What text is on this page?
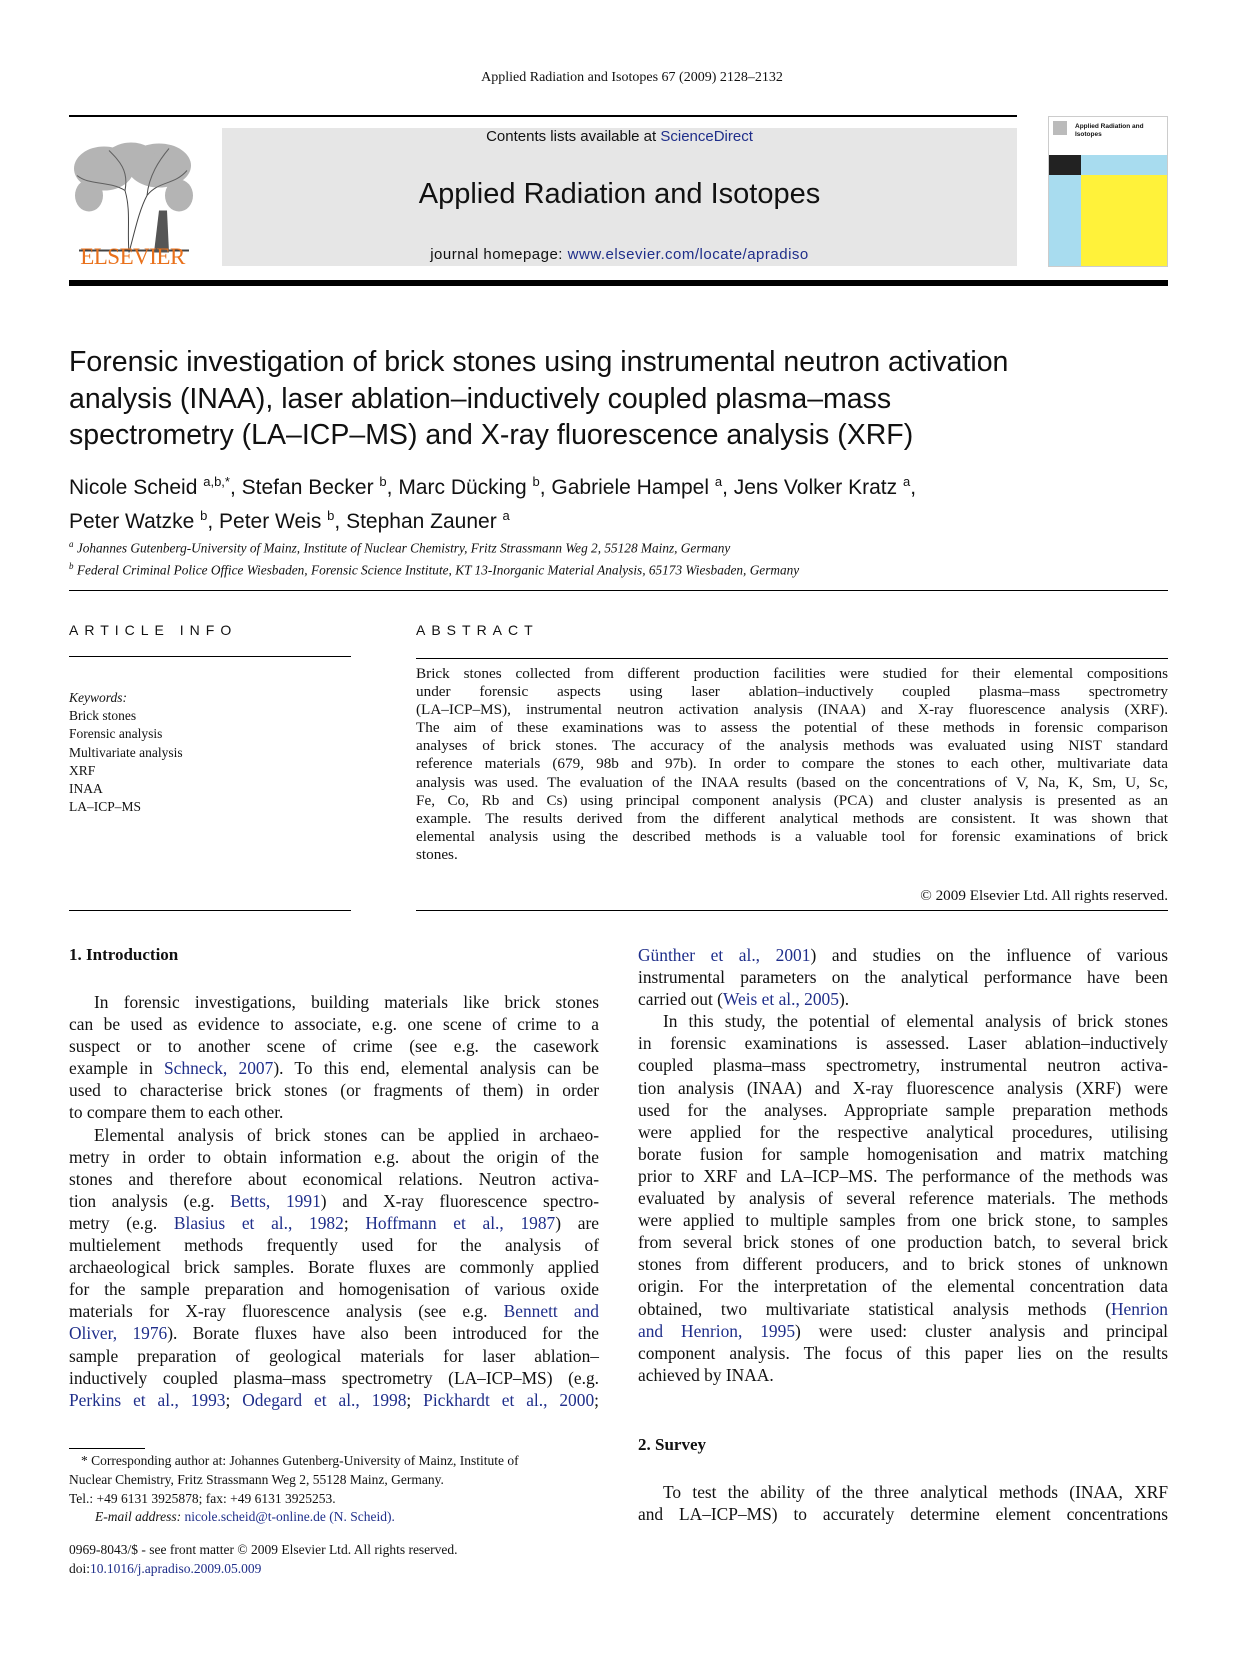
Applied Radiation and Isotopes 67 (2009) 2128–2132
ELSEVIER
Contents lists available at ScienceDirect
Applied Radiation and Isotopes
journal homepage: www.elsevier.com/locate/apradiso
Applied Radiation and Isotopes
Forensic investigation of brick stones using instrumental neutron activation
analysis (INAA), laser ablation–inductively coupled plasma–mass
spectrometry (LA–ICP–MS) and X-ray fluorescence analysis (XRF)
Nicole Scheid $^{a,b,*}$, Stefan Becker $^b$, Marc Dücking $^b$, Gabriele Hampel $^a$, Jens Volker Kratz $^a$,
Peter Watzke $^b$, Peter Weis $^b$, Stephan Zauner $^a$
$^a$ Johannes Gutenberg-University of Mainz, Institute of Nuclear Chemistry, Fritz Strassmann Weg 2, 55128 Mainz, Germany
$^b$ Federal Criminal Police Office Wiesbaden, Forensic Science Institute, KT 13-Inorganic Material Analysis, 65173 Wiesbaden, Germany
ARTICLE INFO
Keywords:
Brick stones
Forensic analysis
Multivariate analysis
XRF
INAA
LA–ICP–MS
ABSTRACT
Brick stones collected from different production facilities were studied for their elemental compositions
under forensic aspects using laser ablation–inductively coupled plasma–mass spectrometry
(LA–ICP–MS), instrumental neutron activation analysis (INAA) and X-ray fluorescence analysis (XRF).
The aim of these examinations was to assess the potential of these methods in forensic comparison
analyses of brick stones. The accuracy of the analysis methods was evaluated using NIST standard
reference materials (679, 98b and 97b). In order to compare the stones to each other, multivariate data
analysis was used. The evaluation of the INAA results (based on the concentrations of V, Na, K, Sm, U, Sc,
Fe, Co, Rb and Cs) using principal component analysis (PCA) and cluster analysis is presented as an
example. The results derived from the different analytical methods are consistent. It was shown that
elemental analysis using the described methods is a valuable tool for forensic examinations of brick
stones.
© 2009 Elsevier Ltd. All rights reserved.
1. Introduction
In forensic investigations, building materials like brick stones
can be used as evidence to associate, e.g. one scene of crime to a
suspect or to another scene of crime (see e.g. the casework
example in Schneck, 2007). To this end, elemental analysis can be
used to characterise brick stones (or fragments of them) in order
to compare them to each other.
Elemental analysis of brick stones can be applied in archaeo-
metry in order to obtain information e.g. about the origin of the
stones and therefore about economical relations. Neutron activa-
tion analysis (e.g. Betts, 1991) and X-ray fluorescence spectro-
metry (e.g. Blasius et al., 1982; Hoffmann et al., 1987) are
multielement methods frequently used for the analysis of
archaeological brick samples. Borate fluxes are commonly applied
for the sample preparation and homogenisation of various oxide
materials for X-ray fluorescence analysis (see e.g. Bennett and
Oliver, 1976). Borate fluxes have also been introduced for the
sample preparation of geological materials for laser ablation–
inductively coupled plasma–mass spectrometry (LA–ICP–MS) (e.g.
Perkins et al., 1993; Odegard et al., 1998; Pickhardt et al., 2000;
Günther et al., 2001) and studies on the influence of various
instrumental parameters on the analytical performance have been
carried out (Weis et al., 2005).
In this study, the potential of elemental analysis of brick stones
in forensic examinations is assessed. Laser ablation–inductively
coupled plasma–mass spectrometry, instrumental neutron activa-
tion analysis (INAA) and X-ray fluorescence analysis (XRF) were
used for the analyses. Appropriate sample preparation methods
were applied for the respective analytical procedures, utilising
borate fusion for sample homogenisation and matrix matching
prior to XRF and LA–ICP–MS. The performance of the methods was
evaluated by analysis of several reference materials. The methods
were applied to multiple samples from one brick stone, to samples
from several brick stones of one production batch, to several brick
stones from different producers, and to brick stones of unknown
origin. For the interpretation of the elemental concentration data
obtained, two multivariate statistical analysis methods (Henrion
and Henrion, 1995) were used: cluster analysis and principal
component analysis. The focus of this paper lies on the results
achieved by INAA.
2. Survey
To test the ability of the three analytical methods (INAA, XRF
and LA–ICP–MS) to accurately determine element concentrations
* Corresponding author at: Johannes Gutenberg-University of Mainz, Institute of
Nuclear Chemistry, Fritz Strassmann Weg 2, 55128 Mainz, Germany.
Tel.: +49 6131 3925878; fax: +49 6131 3925253.
E-mail address: nicole.scheid@t-online.de (N. Scheid).
0969-8043/$ - see front matter © 2009 Elsevier Ltd. All rights reserved.
doi:10.1016/j.apradiso.2009.05.009
